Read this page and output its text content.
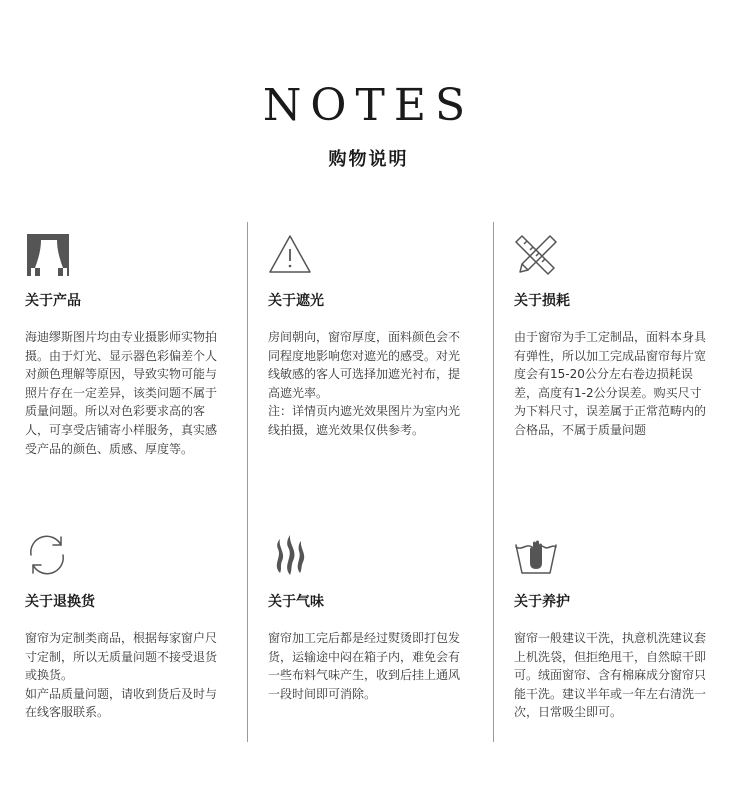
NOTES
购物说明
关于产品

海迪缪斯图片均由专业摄影师实物拍摄。由于灯光、显示器色彩偏差个人对颜色理解等原因，导致实物可能与照片存在一定差异，该类问题不属于质量问题。所以对色彩要求高的客人，可享受店铺寄小样服务，真实感受产品的颜色、质感、厚度等。

关于遮光

房间朝向，窗帘厚度，面料颜色会不同程度地影响您对遮光的感受。对光线敏感的客人可选择加遮光衬布，提高遮光率。

注：详情页内遮光效果图片为室内光线拍摄，遮光效果仅供参考。

关于损耗

由于窗帘为手工定制品，面料本身具有弹性，所以加工完成品窗帘每片宽度会有15-20公分左右卷边损耗误差，高度有1-2公分误差。购买尺寸为下料尺寸，误差属于正常范畴内的合格品，不属于质量问题

关于退换货

窗帘为定制类商品，根据每家窗户尺寸定制，所以无质量问题不接受退货或换货。

如产品质量问题，请收到货后及时与在线客服联系。

关于气味

窗帘加工完后都是经过熨烫即打包发货，运输途中闷在箱子内，难免会有一些布料气味产生，收到后挂上通风一段时间即可消除。

关于养护

窗帘一般建议干洗，执意机洗建议套上机洗袋，但拒绝甩干，自然晾干即可。绒面窗帘、含有棉麻成分窗帘只能干洗。建议半年或一年左右清洗一次，日常吸尘即可。
